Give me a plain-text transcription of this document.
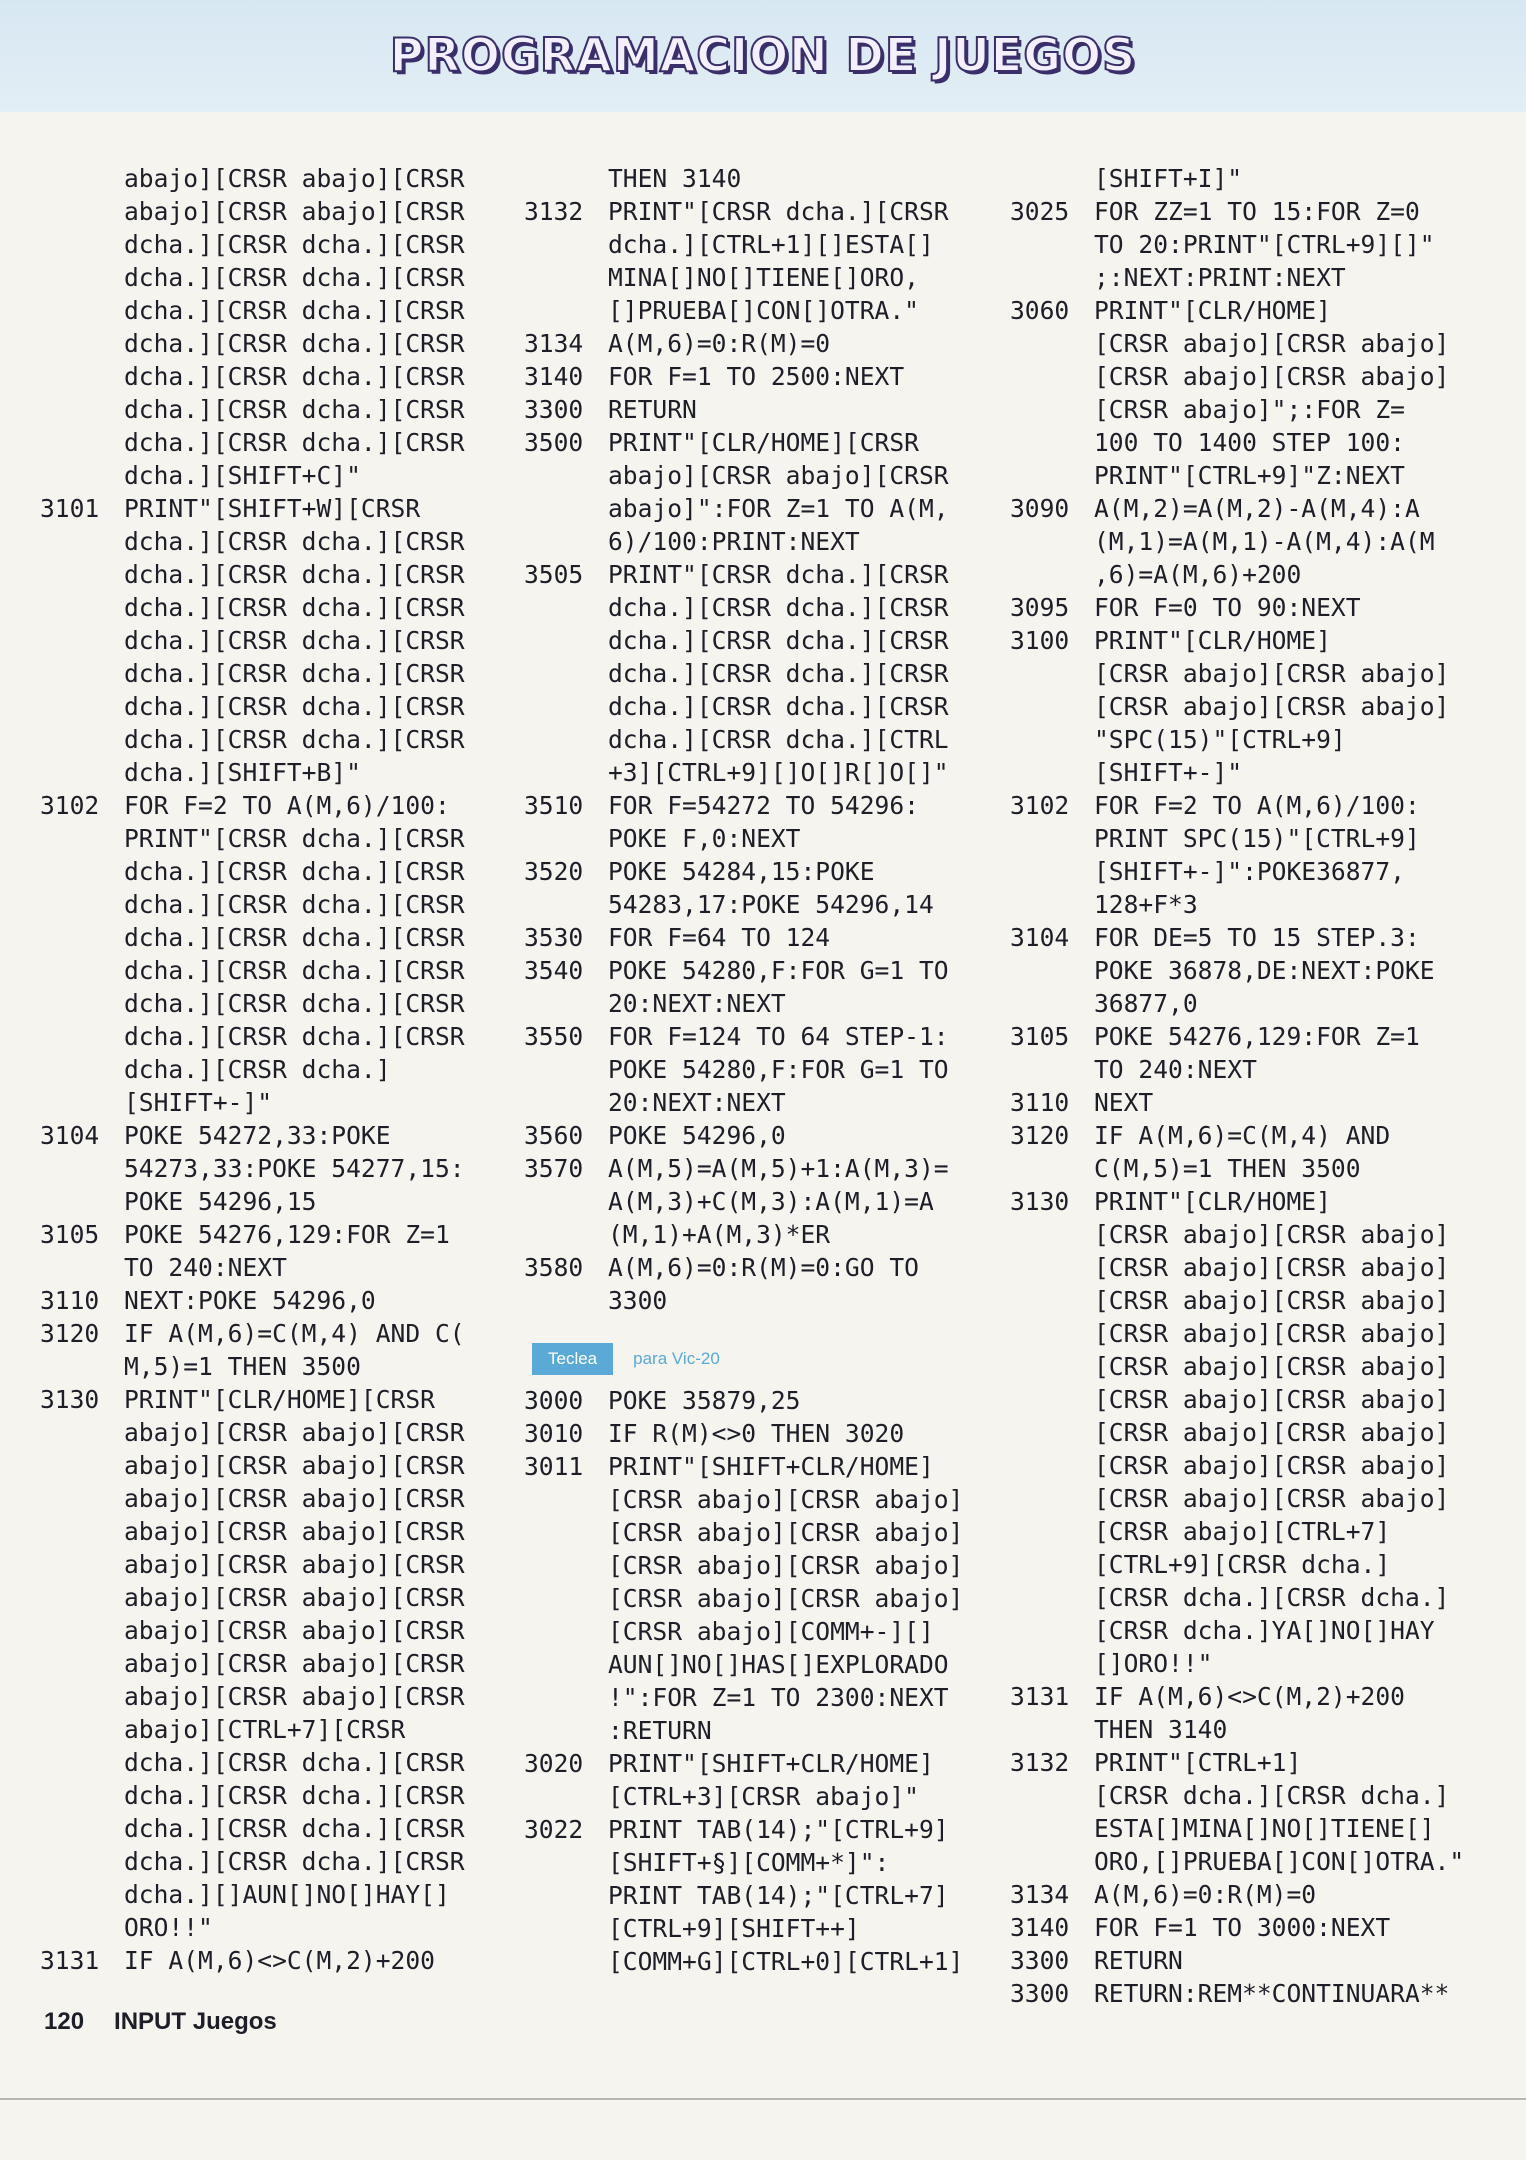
PROGRAMACION DE JUEGOS
abajo][CRSR abajo][CRSR
abajo][CRSR abajo][CRSR
dcha.][CRSR dcha.][CRSR
dcha.][CRSR dcha.][CRSR
dcha.][CRSR dcha.][CRSR
dcha.][CRSR dcha.][CRSR
dcha.][CRSR dcha.][CRSR
dcha.][CRSR dcha.][CRSR
dcha.][CRSR dcha.][CRSR
dcha.][SHIFT+C]"
3101	PRINT"[SHIFT+W][CRSR
dcha.][CRSR dcha.][CRSR
dcha.][CRSR dcha.][CRSR
dcha.][CRSR dcha.][CRSR
dcha.][CRSR dcha.][CRSR
dcha.][CRSR dcha.][CRSR
dcha.][CRSR dcha.][CRSR
dcha.][CRSR dcha.][CRSR
dcha.][SHIFT+B]"
3102	FOR F=2 TO A(M,6)/100:
PRINT"[CRSR dcha.][CRSR
dcha.][CRSR dcha.][CRSR
dcha.][CRSR dcha.][CRSR
dcha.][CRSR dcha.][CRSR
dcha.][CRSR dcha.][CRSR
dcha.][CRSR dcha.][CRSR
dcha.][CRSR dcha.][CRSR
dcha.][CRSR dcha.]
[SHIFT+-]"
3104	POKE 54272,33:POKE
54273,33:POKE 54277,15:
POKE 54296,15
3105	POKE 54276,129:FOR Z=1
TO 240:NEXT
3110	NEXT:POKE 54296,0
3120	IF A(M,6)=C(M,4) AND C(
M,5)=1 THEN 3500
3130	PRINT"[CLR/HOME][CRSR
abajo][CRSR abajo][CRSR
abajo][CRSR abajo][CRSR
abajo][CRSR abajo][CRSR
abajo][CRSR abajo][CRSR
abajo][CRSR abajo][CRSR
abajo][CRSR abajo][CRSR
abajo][CRSR abajo][CRSR
abajo][CRSR abajo][CRSR
abajo][CRSR abajo][CRSR
abajo][CTRL+7][CRSR
dcha.][CRSR dcha.][CRSR
dcha.][CRSR dcha.][CRSR
dcha.][CRSR dcha.][CRSR
dcha.][CRSR dcha.][CRSR
dcha.][]AUN[]NO[]HAY[]
ORO!!"
3131	IF A(M,6)<>C(M,2)+200
THEN 3140
3132	PRINT"[CRSR dcha.][CRSR
dcha.][CTRL+1][]ESTA[]
MINA[]NO[]TIENE[]ORO,
[]PRUEBA[]CON[]OTRA."
3134	A(M,6)=0:R(M)=0
3140	FOR F=1 TO 2500:NEXT
3300	RETURN
3500	PRINT"[CLR/HOME][CRSR
abajo][CRSR abajo][CRSR
abajo]":FOR Z=1 TO A(M,
6)/100:PRINT:NEXT
3505	PRINT"[CRSR dcha.][CRSR
dcha.][CRSR dcha.][CRSR
dcha.][CRSR dcha.][CRSR
dcha.][CRSR dcha.][CRSR
dcha.][CRSR dcha.][CRSR
dcha.][CRSR dcha.][CTRL
+3][CTRL+9][]O[]R[]O[]"
3510	FOR F=54272 TO 54296:
POKE F,0:NEXT
3520	POKE 54284,15:POKE
54283,17:POKE 54296,14
3530	FOR F=64 TO 124
3540	POKE 54280,F:FOR G=1 TO
20:NEXT:NEXT
3550	FOR F=124 TO 64 STEP-1:
POKE 54280,F:FOR G=1 TO
20:NEXT:NEXT
3560	POKE 54296,0
3570	A(M,5)=A(M,5)+1:A(M,3)=
A(M,3)+C(M,3):A(M,1)=A
(M,1)+A(M,3)*ER
3580	A(M,6)=0:R(M)=0:GO TO
3300
[SHIFT+I]"
3025	FOR ZZ=1 TO 15:FOR Z=0
TO 20:PRINT"[CTRL+9][]"
;:NEXT:PRINT:NEXT
3060	PRINT"[CLR/HOME]
[CRSR abajo][CRSR abajo]
[CRSR abajo][CRSR abajo]
[CRSR abajo]";:FOR Z=
100 TO 1400 STEP 100:
PRINT"[CTRL+9]"Z:NEXT
3090	A(M,2)=A(M,2)-A(M,4):A
(M,1)=A(M,1)-A(M,4):A(M
,6)=A(M,6)+200
3095	FOR F=0 TO 90:NEXT
3100	PRINT"[CLR/HOME]
[CRSR abajo][CRSR abajo]
[CRSR abajo][CRSR abajo]
"SPC(15)"[CTRL+9]
[SHIFT+-]"
3102	FOR F=2 TO A(M,6)/100:
PRINT SPC(15)"[CTRL+9]
[SHIFT+-]":POKE36877,
128+F*3
3104	FOR DE=5 TO 15 STEP.3:
POKE 36878,DE:NEXT:POKE
36877,0
3105	POKE 54276,129:FOR Z=1
TO 240:NEXT
3110	NEXT
3120	IF A(M,6)=C(M,4) AND
C(M,5)=1 THEN 3500
3130	PRINT"[CLR/HOME]
[CRSR abajo][CRSR abajo]
[CRSR abajo][CRSR abajo]
[CRSR abajo][CRSR abajo]
[CRSR abajo][CRSR abajo]
[CRSR abajo][CRSR abajo]
[CRSR abajo][CRSR abajo]
[CRSR abajo][CRSR abajo]
[CRSR abajo][CRSR abajo]
[CRSR abajo][CRSR abajo]
[CRSR abajo][CTRL+7]
[CTRL+9][CRSR dcha.]
[CRSR dcha.][CRSR dcha.]
[CRSR dcha.]YA[]NO[]HAY
[]ORO!!"
3131	IF A(M,6)<>C(M,2)+200
THEN 3140
3132	PRINT"[CTRL+1]
[CRSR dcha.][CRSR dcha.]
ESTA[]MINA[]NO[]TIENE[]
ORO,[]PRUEBA[]CON[]OTRA."
3134	A(M,6)=0:R(M)=0
3140	FOR F=1 TO 3000:NEXT
3300	RETURN
3300	RETURN:REM**CONTINUARA**
Teclea	para Vic-20
3000	POKE 35879,25
3010	IF R(M)<>0 THEN 3020
3011	PRINT"[SHIFT+CLR/HOME]
[CRSR abajo][CRSR abajo]
[CRSR abajo][CRSR abajo]
[CRSR abajo][CRSR abajo]
[CRSR abajo][CRSR abajo]
[CRSR abajo][COMM+-][]
AUN[]NO[]HAS[]EXPLORADO
!":FOR Z=1 TO 2300:NEXT
:RETURN
3020	PRINT"[SHIFT+CLR/HOME]
[CTRL+3][CRSR abajo]"
3022	PRINT TAB(14);"[CTRL+9]
[SHIFT+§][COMM+*]":
PRINT TAB(14);"[CTRL+7]
[CTRL+9][SHIFT++]
[COMM+G][CTRL+0][CTRL+1]
120 INPUT Juegos
